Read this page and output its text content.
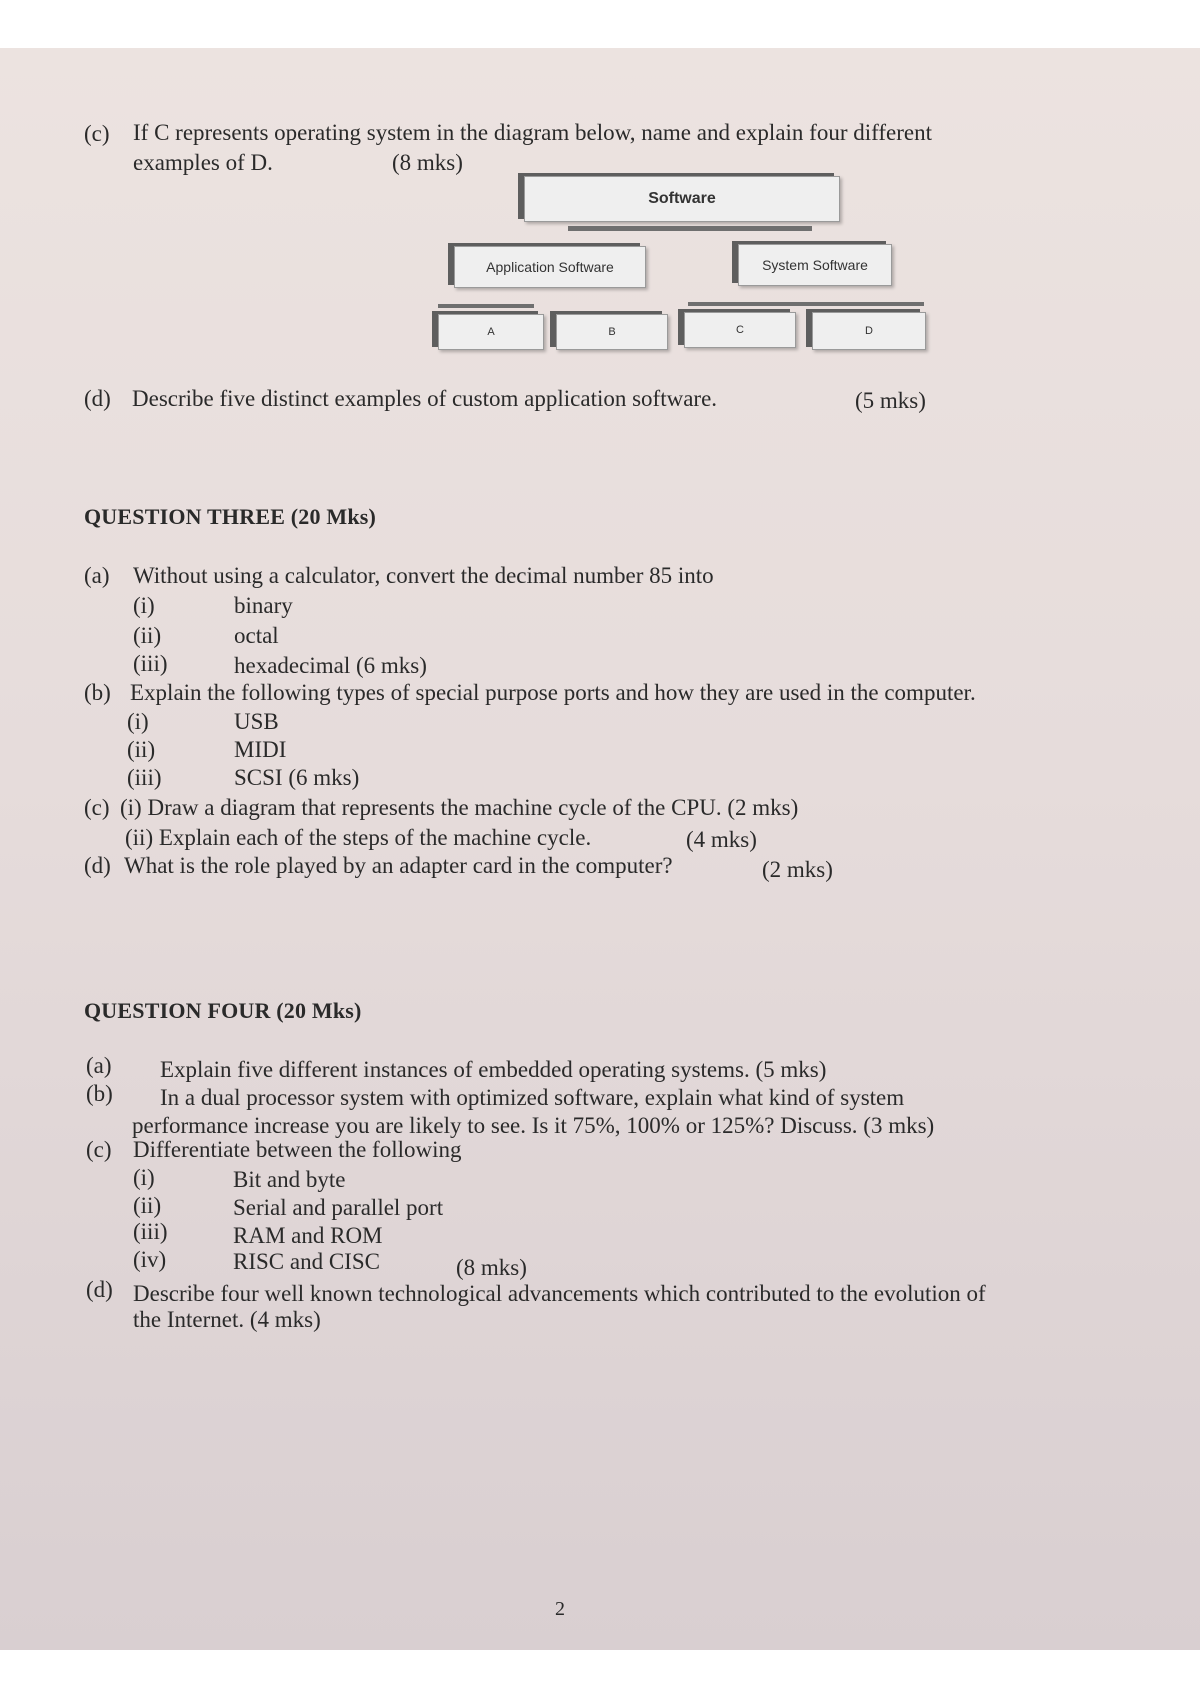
(c) If C represents operating system in the diagram below, name and explain four different
examples of D.	(8 mks)
Software
Application Software	System Software
A	B	C	D
(d) Describe five distinct examples of custom application software.	(5 mks)
QUESTION THREE (20 Mks)
(a) Without using a calculator, convert the decimal number 85 into
(i)	binary
(ii)	octal
(iii)	hexadecimal (6 mks)
(b) Explain the following types of special purpose ports and how they are used in the computer.
(i)	USB
(ii)	MIDI
(iii)	SCSI (6 mks)
(c) (i) Draw a diagram that represents the machine cycle of the CPU. (2 mks)
(ii) Explain each of the steps of the machine cycle.	(4 mks)
(d) What is the role played by an adapter card in the computer?	(2 mks)
QUESTION FOUR (20 Mks)
(a) Explain five different instances of embedded operating systems. (5 mks)
(b) In a dual processor system with optimized software, explain what kind of system
performance increase you are likely to see. Is it 75%, 100% or 125%? Discuss. (3 mks)
(c) Differentiate between the following
(i)	Bit and byte
(ii)	Serial and parallel port
(iii)	RAM and ROM
(iv)	RISC and CISC	(8 mks)
(d) Describe four well known technological advancements which contributed to the evolution of
the Internet. (4 mks)
2
